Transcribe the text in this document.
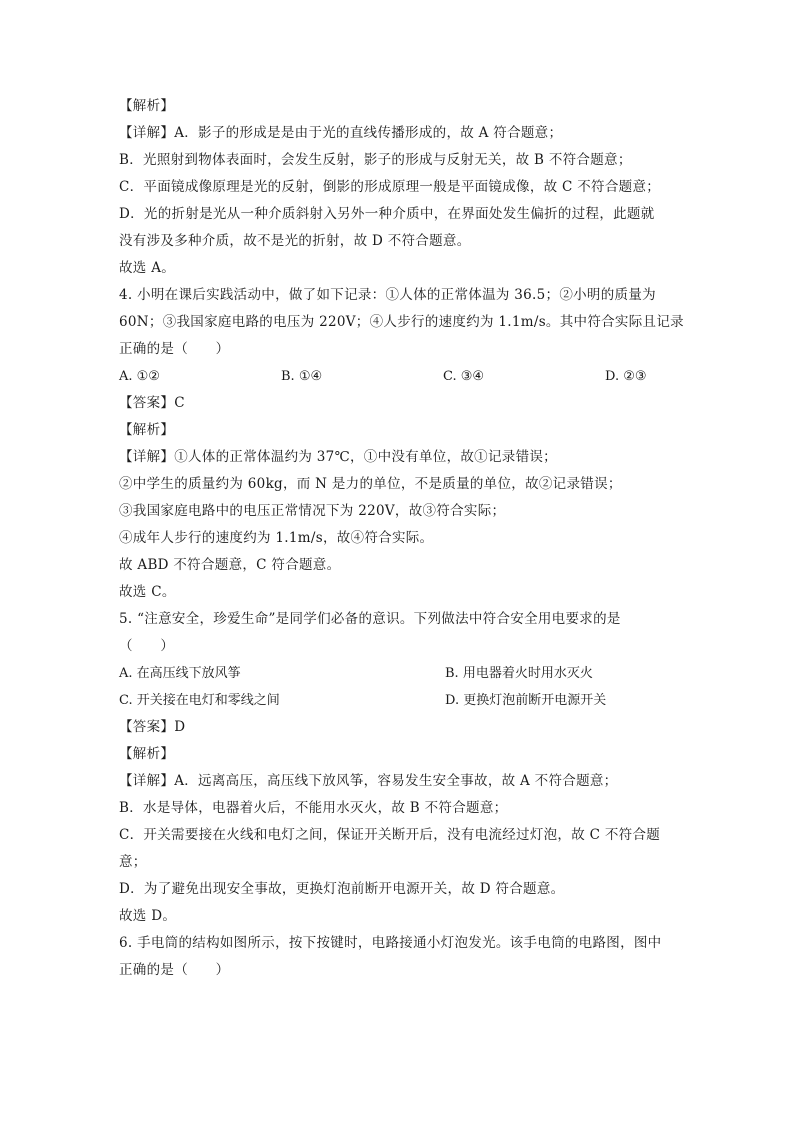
【解析】
【详解】A．影子的形成是是由于光的直线传播形成的，故 A 符合题意；
B．光照射到物体表面时，会发生反射，影子的形成与反射无关，故 B 不符合题意；
C．平面镜成像原理是光的反射，倒影的形成原理一般是平面镜成像，故 C 不符合题意；
D．光的折射是光从一种介质斜射入另外一种介质中，在界面处发生偏折的过程，此题就
没有涉及多种介质，故不是光的折射，故 D 不符合题意。
故选 A。
4. 小明在课后实践活动中，做了如下记录：①人体的正常体温为 36.5；②小明的质量为
60N；③我国家庭电路的电压为 220V；④人步行的速度约为 1.1m/s。其中符合实际且记录
正确的是（　　）
A. ①②	B. ①④	C. ③④	D. ②③
【答案】C
【解析】
【详解】①人体的正常体温约为 37℃，①中没有单位，故①记录错误；
②中学生的质量约为 60kg，而 N 是力的单位，不是质量的单位，故②记录错误；
③我国家庭电路中的电压正常情况下为 220V，故③符合实际；
④成年人步行的速度约为 1.1m/s，故④符合实际。
故 ABD 不符合题意，C 符合题意。
故选 C。
5. “注意安全，珍爱生命”是同学们必备的意识。下列做法中符合安全用电要求的是
（　　）
A. 在高压线下放风筝	B. 用电器着火时用水灭火
C. 开关接在电灯和零线之间	D. 更换灯泡前断开电源开关
【答案】D
【解析】
【详解】A．远离高压，高压线下放风筝，容易发生安全事故，故 A 不符合题意；
B．水是导体，电器着火后，不能用水灭火，故 B 不符合题意；
C．开关需要接在火线和电灯之间，保证开关断开后，没有电流经过灯泡，故 C 不符合题
意；
D．为了避免出现安全事故，更换灯泡前断开电源开关，故 D 符合题意。
故选 D。
6. 手电筒的结构如图所示，按下按键时，电路接通小灯泡发光。该手电筒的电路图，图中
正确的是（　　）
